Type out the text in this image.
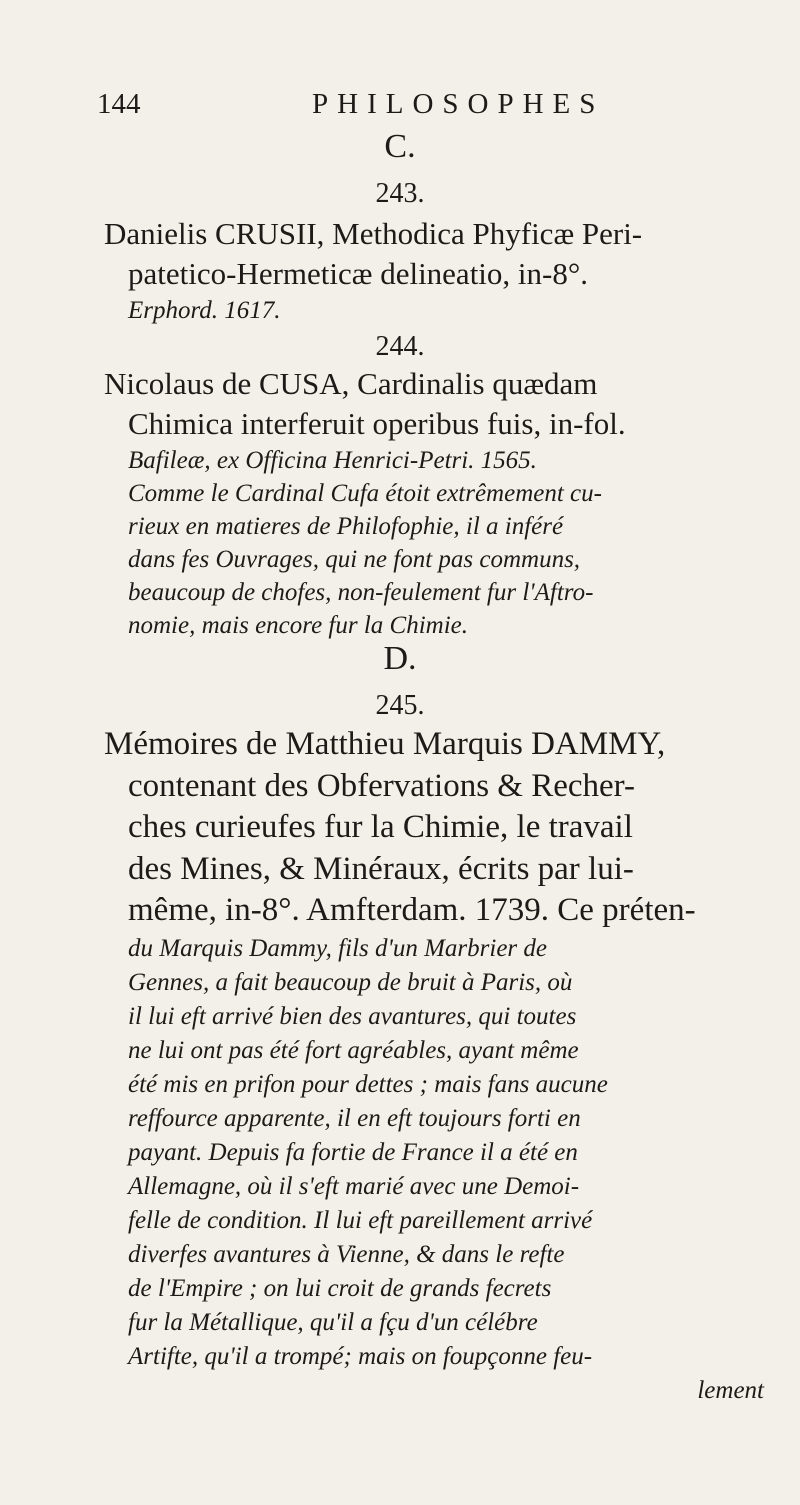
144	PHILOSOPHES
C.
243.
Danielis CRUSII, Methodica Phyficæ Peri-
patetico-Hermeticæ delineatio, in-8°.
Erphord. 1617.
244.
Nicolaus de CUSA, Cardinalis quædam
Chimica interferuit operibus fuis, in-fol.
Bafileæ, ex Officina Henrici-Petri. 1565.
Comme le Cardinal Cufa étoit extrêmement cu-
rieux en matieres de Philofophie, il a inféré
dans fes Ouvrages, qui ne font pas communs,
beaucoup de chofes, non-feulement fur l'Aftro-
nomie, mais encore fur la Chimie.
D.
245.
Mémoires de Matthieu Marquis DAMMY,
contenant des Obfervations & Recher-
ches curieufes fur la Chimie, le travail
des Mines, & Minéraux, écrits par lui-
même, in-8°. Amfterdam. 1739. Ce préten-
du Marquis Dammy, fils d'un Marbrier de
Gennes, a fait beaucoup de bruit à Paris, où
il lui eft arrivé bien des avantures, qui toutes
ne lui ont pas été fort agréables, ayant même
été mis en prifon pour dettes ; mais fans aucune
reffource apparente, il en eft toujours forti en
payant. Depuis fa fortie de France il a été en
Allemagne, où il s'eft marié avec une Demoi-
felle de condition. Il lui eft pareillement arrivé
diverfes avantures à Vienne, & dans le refte
de l'Empire ; on lui croit de grands fecrets
fur la Métallique, qu'il a fçu d'un célébre
Artifte, qu'il a trompé; mais on foupçonne feu-
lement
